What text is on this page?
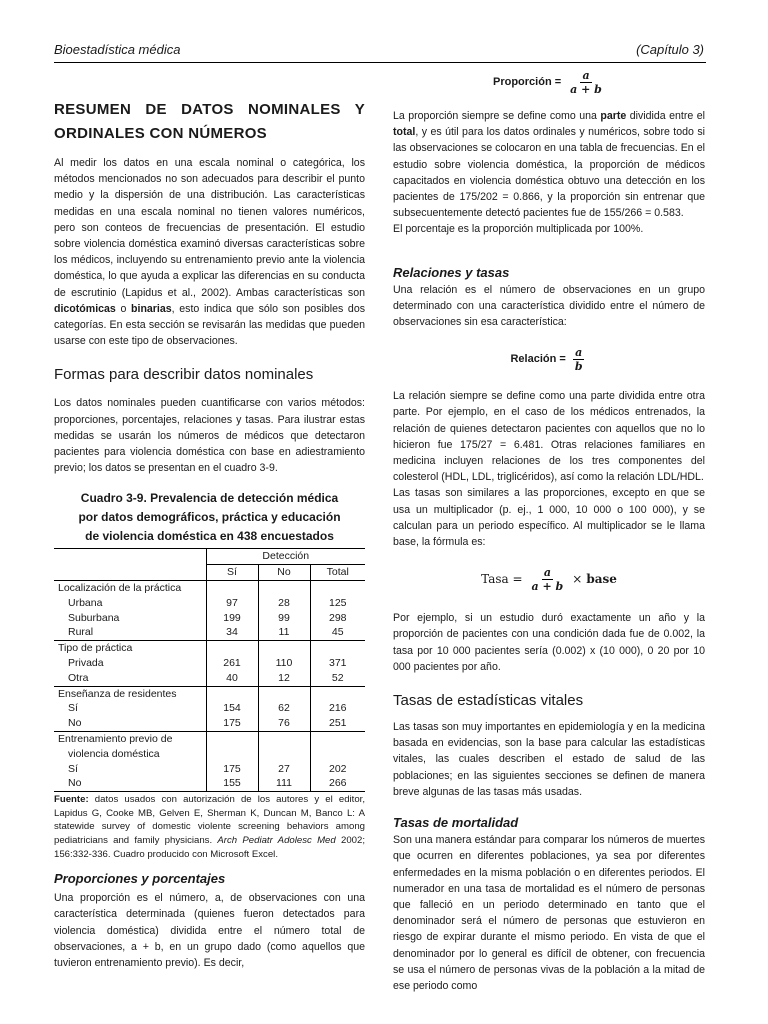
Bioestadística médica	(Capítulo 3)
RESUMEN DE DATOS NOMINALES Y
ORDINALES CON NÚMEROS

Al medir los datos en una escala nominal o categórica, los métodos mencionados no son adecuados para describir el punto medio y la dispersión de una distribución. Las características medidas en una escala nominal no tienen valores numéricos, pero son conteos de frecuencias de presentación. El estudio sobre violencia doméstica examinó diversas características sobre los médicos, incluyendo su entrenamiento previo ante la violencia doméstica, lo que ayuda a explicar las diferencias en su conducta de escrutinio (Lapidus et al., 2002). Ambas características son dicotómicas o binarias, esto indica que sólo son posibles dos categorías. En esta sección se revisarán las medidas que pueden usarse con este tipo de observaciones.

Formas para describir datos nominales

Los datos nominales pueden cuantificarse con varios métodos: proporciones, porcentajes, relaciones y tasas. Para ilustrar estas medidas se usarán los números de médicos que detectaron pacientes para violencia doméstica con base en adiestramiento previo; los datos se presentan en el cuadro 3-9.

Cuadro 3-9. Prevalencia de detección médica
por datos demográficos, práctica y educación
de violencia doméstica en 438 encuestados
	Detección		
	Sí	No	Total
Localización de la práctica			
Urbana	97	28	125
Suburbana	199	99	298
Rural	34	11	45
Tipo de práctica			
Privada	261	110	371
Otra	40	12	52
Enseñanza de residentes			
Sí	154	62	216
No	175	76	251
Entrenamiento previo de			
violencia doméstica			
Sí	175	27	202
No	155	111	266
Fuente: datos usados con autorización de los autores y el editor, Lapidus G, Cooke MB, Gelven E, Sherman K, Duncan M, Banco L: A statewide survey of domestic violente screening behaviors among pediatricians and family physicians. Arch Pediatr Adolesc Med 2002; 156:332-336. Cuadro producido con Microsoft Excel.
Proporciones y porcentajes

Una proporción es el número, a, de observaciones con una característica determinada (quienes fueron detectados para violencia doméstica) dividida entre el número total de observaciones, a + b, en un grupo dado (como aquellos que tuvieron entrenamiento previo). Es decir,

Proporción = $\frac{a}{a + b}$

La proporción siempre se define como una parte dividida entre el total, y es útil para los datos ordinales y numéricos, sobre todo si las observaciones se colocaron en una tabla de frecuencias. En el estudio sobre violencia doméstica, la proporción de médicos capacitados en violencia doméstica obtuvo una detección en los pacientes de 175/202 = 0.866, y la proporción sin entrenar que subsecuentemente detectó pacientes fue de 155/266 = 0.583.

El porcentaje es la proporción multiplicada por 100%.

Relaciones y tasas

Una relación es el número de observaciones en un grupo determinado con una característica dividido entre el número de observaciones sin esa característica:

Relación = $\frac{a}{b}$

La relación siempre se define como una parte dividida entre otra parte. Por ejemplo, en el caso de los médicos entrenados, la relación de quienes detectaron pacientes con aquellos que no lo hicieron fue 175/27 = 6.481. Otras relaciones familiares en medicina incluyen relaciones de los tres componentes del colesterol (HDL, LDL, triglicéridos), así como la relación LDL/HDL.

Las tasas son similares a las proporciones, excepto en que se usa un multiplicador (p. ej., 1 000, 10 000 o 100 000), y se calculan para un periodo específico. Al multiplicador se le llama base, la fórmula es:

Tasa = $\frac{a}{a + b}$ × base

Por ejemplo, si un estudio duró exactamente un año y la proporción de pacientes con una condición dada fue de 0.002, la tasa por 10 000 pacientes sería (0.002) x (10 000), 0 20 por 10 000 pacientes por año.

Tasas de estadísticas vitales

Las tasas son muy importantes en epidemiología y en la medicina basada en evidencias, son la base para calcular las estadísticas vitales, las cuales describen el estado de salud de las poblaciones; en las siguientes secciones se definen de manera breve algunas de las tasas más usadas.

Tasas de mortalidad

Son una manera estándar para comparar los números de muertes que ocurren en diferentes poblaciones, ya sea por diferentes enfermedades en la misma población o en diferentes periodos. El numerador en una tasa de mortalidad es el número de personas que falleció en un periodo determinado en tanto que el denominador será el número de personas que estuvieron en riesgo de expirar durante el mismo periodo. En vista de que el denominador por lo general es difícil de obtener, con frecuencia se usa el número de personas vivas de la población a la mitad de ese periodo como
